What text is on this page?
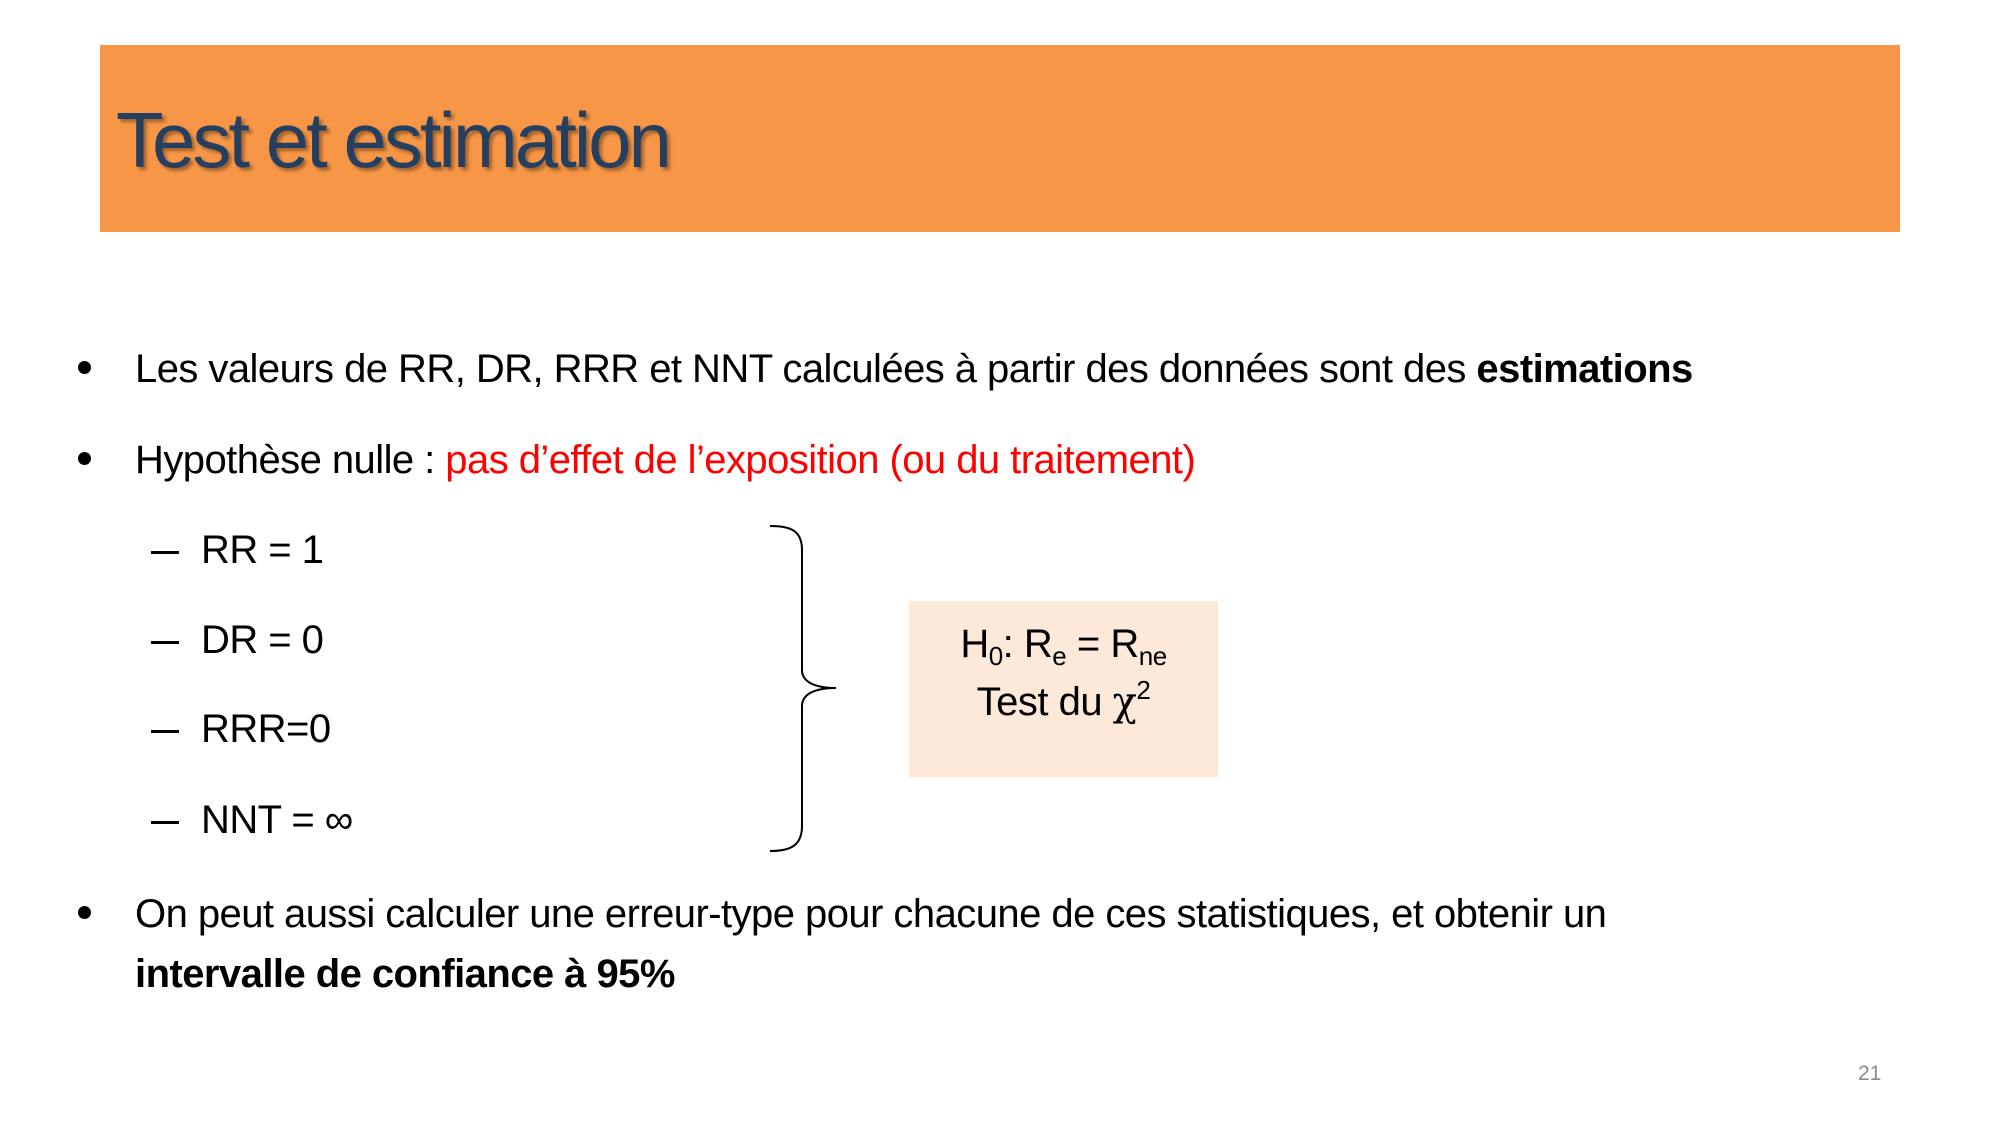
Test et estimation
Les valeurs de RR, DR, RRR et NNT calculées à partir des données sont des estimations
Hypothèse nulle : pas d’effet de l’exposition (ou du traitement)
RR = 1
DR = 0
RRR=0
NNT = ∞
$H_0$: $R_e = R_{ne}$
Test du $\chi^2$
On peut aussi calculer une erreur-type pour chacune de ces statistiques, et obtenir un
intervalle de confiance à 95%
21
